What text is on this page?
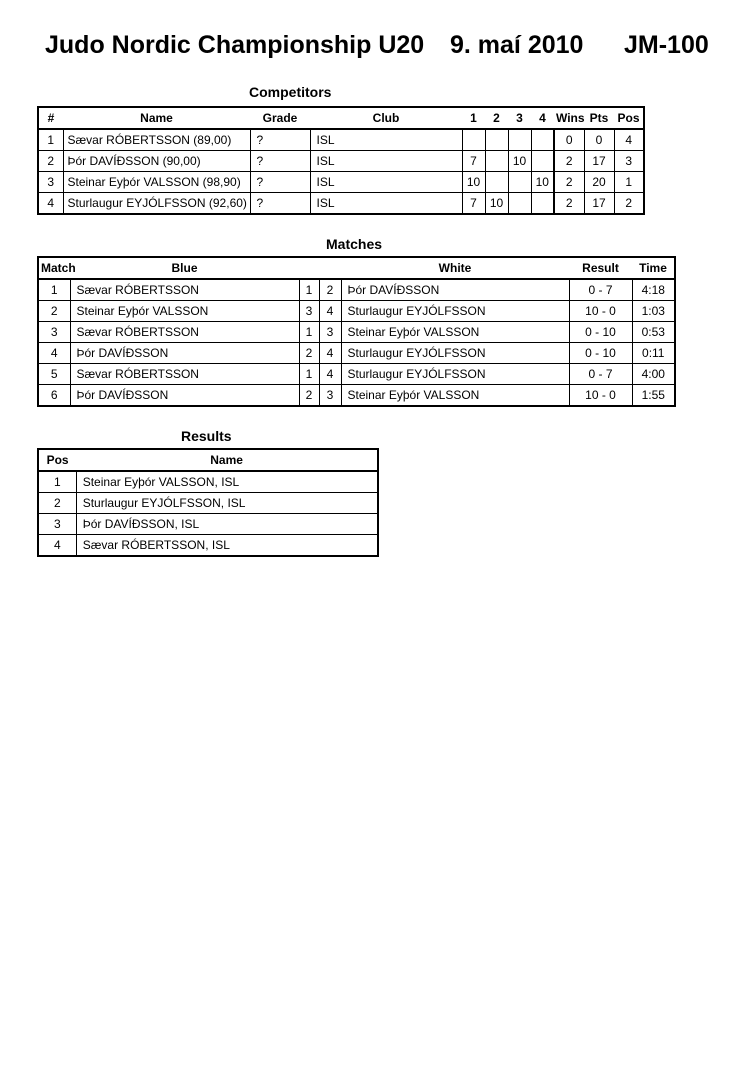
Judo Nordic Championship U20 9. maí 2010 JM-100
Competitors
#	Name	Grade	Club	1	2	3	4	Wins	Pts	Pos
1	Sævar RÓBERTSSON (89,00)	?	ISL					0	0	4
2	Þór DAVÍÐSSON (90,00)	?	ISL	7		10		2	17	3
3	Steinar Eyþór VALSSON (98,90)	?	ISL	10			10	2	20	1
4	Sturlaugur EYJÓLFSSON (92,60)	?	ISL	7	10			2	17	2
Matches
Match	Blue			White	Result	Time
1	Sævar RÓBERTSSON	1	2	Þór DAVÍÐSSON	0 - 7	4:18
2	Steinar Eyþór VALSSON	3	4	Sturlaugur EYJÓLFSSON	10 - 0	1:03
3	Sævar RÓBERTSSON	1	3	Steinar Eyþór VALSSON	0 - 10	0:53
4	Þór DAVÍÐSSON	2	4	Sturlaugur EYJÓLFSSON	0 - 10	0:11
5	Sævar RÓBERTSSON	1	4	Sturlaugur EYJÓLFSSON	0 - 7	4:00
6	Þór DAVÍÐSSON	2	3	Steinar Eyþór VALSSON	10 - 0	1:55
Results
Pos	Name
1	Steinar Eyþór VALSSON, ISL
2	Sturlaugur EYJÓLFSSON, ISL
3	Þór DAVÍÐSSON, ISL
4	Sævar RÓBERTSSON, ISL
